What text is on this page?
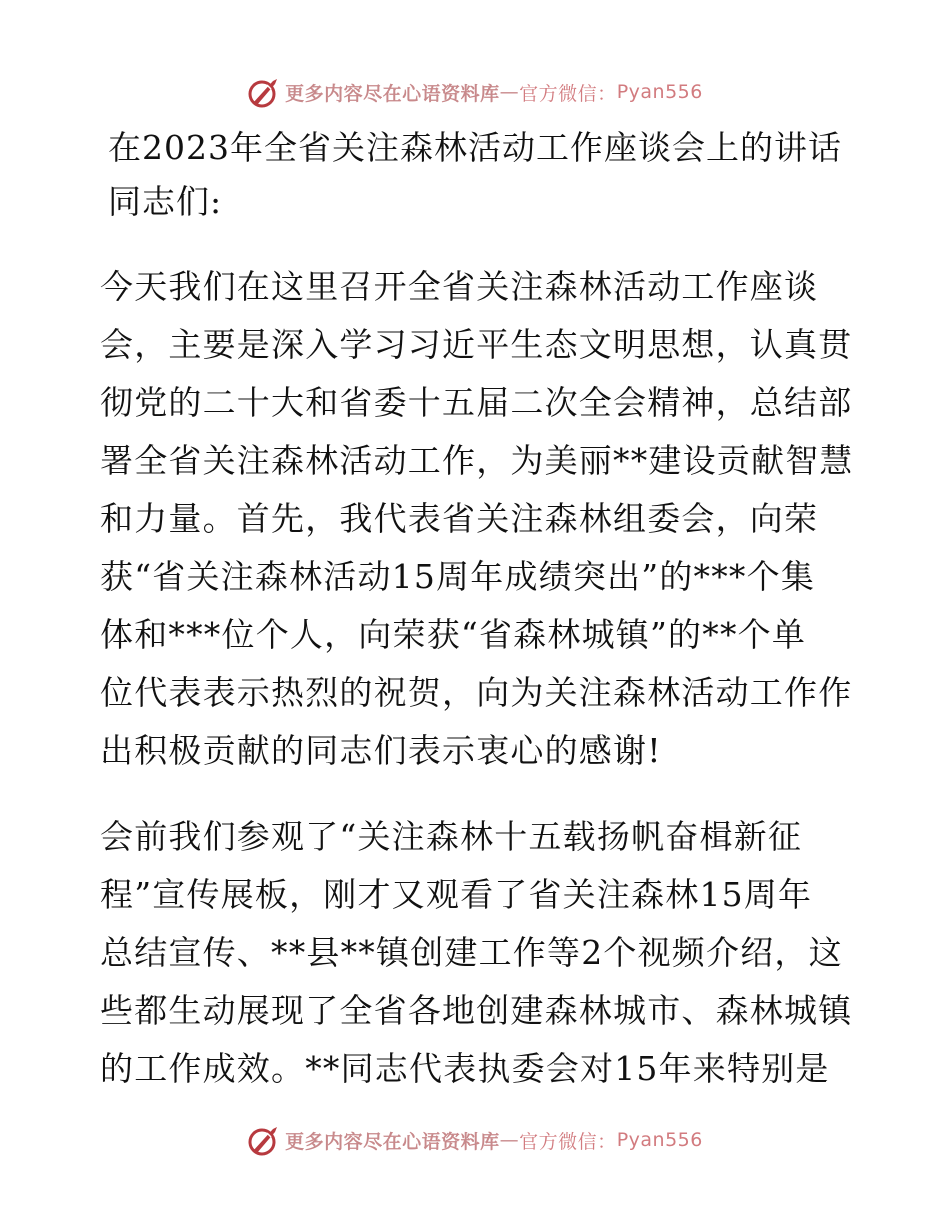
更多内容尽在心语资料库 — 官方微信： Pyan556
在2023年全省关注森林活动工作座谈会上的讲话
同志们:
今天我们在这里召开全省关注森林活动工作座谈
会，主要是深入学习习近平生态文明思想，认真贯
彻党的二十大和省委十五届二次全会精神，总结部
署全省关注森林活动工作，为美丽**建设贡献智慧
和力量。首先，我代表省关注森林组委会，向荣
获“省关注森林活动15周年成绩突出”的***个集
体和***位个人，向荣获“省森林城镇”的**个单
位代表表示热烈的祝贺，向为关注森林活动工作作
出积极贡献的同志们表示衷心的感谢!
会前我们参观了“关注森林十五载扬帆奋楫新征
程”宣传展板，刚才又观看了省关注森林15周年
总结宣传、**县**镇创建工作等2个视频介绍，这
些都生动展现了全省各地创建森林城市、森林城镇
的工作成效。**同志代表执委会对15年来特别是
更多内容尽在心语资料库 — 官方微信： Pyan556
